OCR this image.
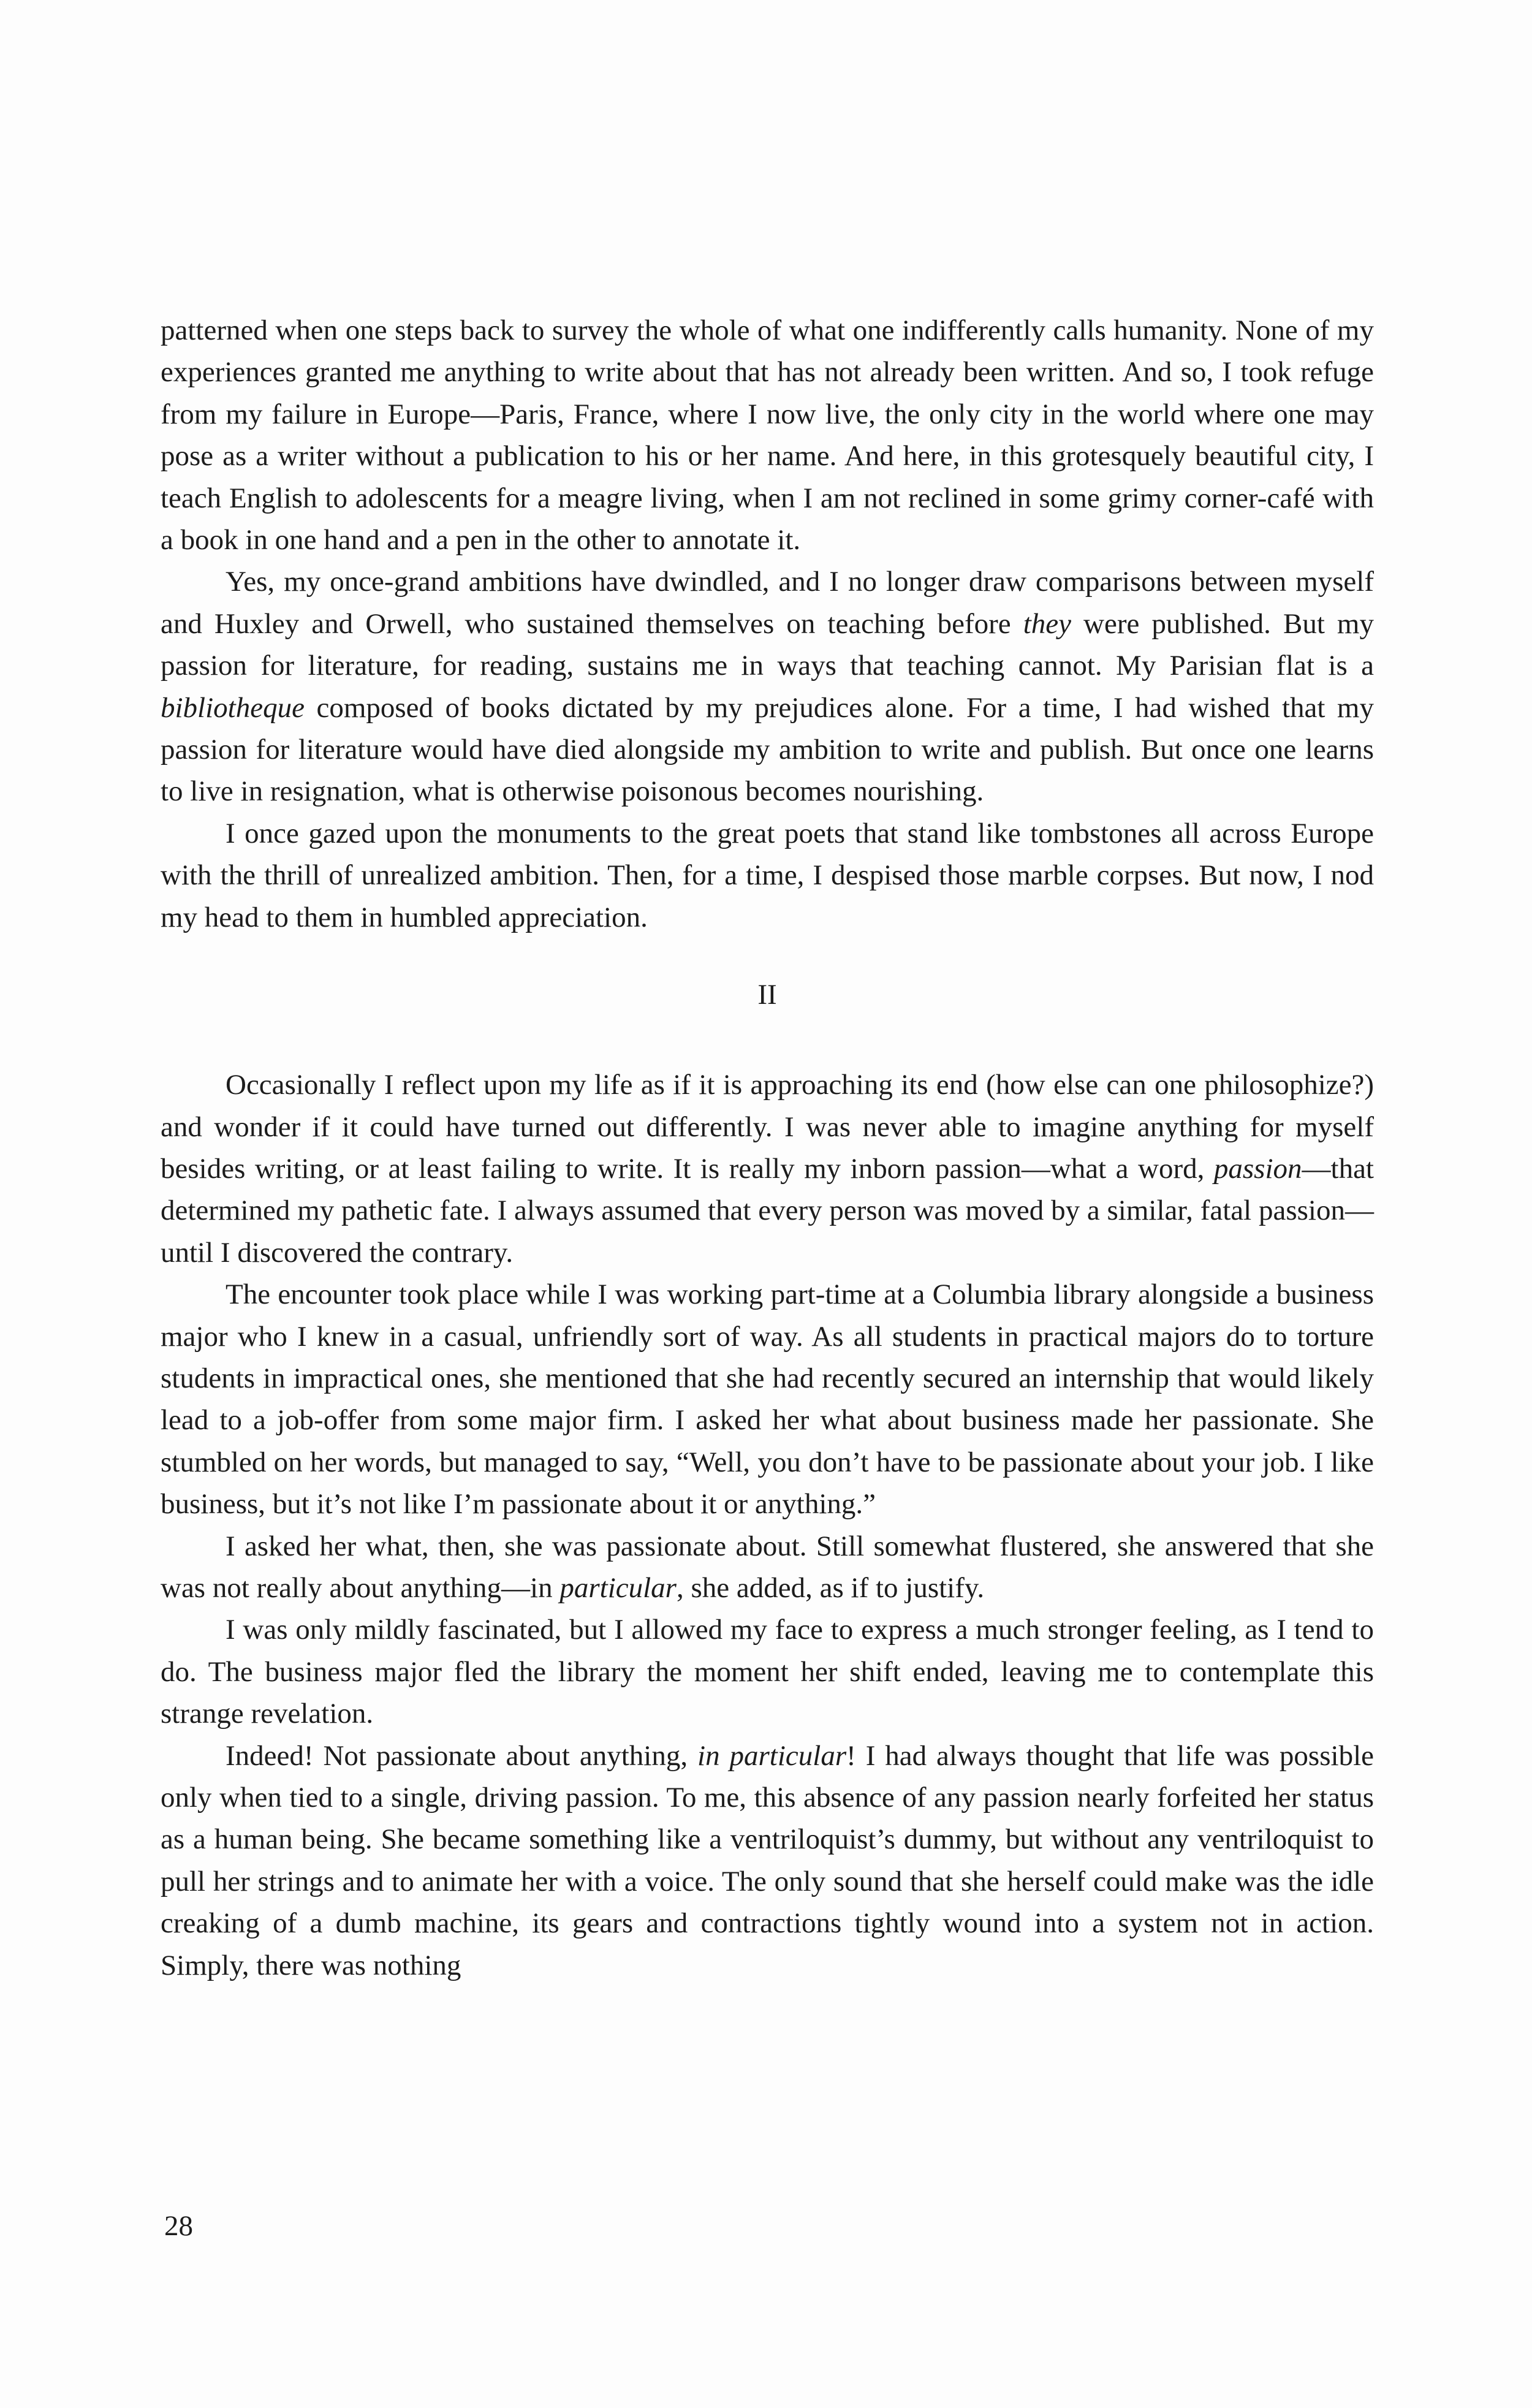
patterned when one steps back to survey the whole of what one indifferently calls humanity. None of my experiences granted me anything to write about that has not already been written. And so, I took refuge from my failure in Europe—Paris, France, where I now live, the only city in the world where one may pose as a writer without a publication to his or her name. And here, in this grotesquely beautiful city, I teach English to adolescents for a meagre living, when I am not reclined in some grimy corner-café with a book in one hand and a pen in the other to annotate it.

Yes, my once-grand ambitions have dwindled, and I no longer draw comparisons between myself and Huxley and Orwell, who sustained themselves on teaching before they were published. But my passion for literature, for reading, sustains me in ways that teaching cannot. My Parisian flat is a bibliotheque composed of books dictated by my prejudices alone. For a time, I had wished that my passion for literature would have died alongside my ambition to write and publish. But once one learns to live in resignation, what is otherwise poisonous becomes nourishing.

I once gazed upon the monuments to the great poets that stand like tombstones all across Europe with the thrill of unrealized ambition. Then, for a time, I despised those marble corpses. But now, I nod my head to them in humbled appreciation.

II

Occasionally I reflect upon my life as if it is approaching its end (how else can one philosophize?) and wonder if it could have turned out differently. I was never able to imagine anything for myself besides writing, or at least failing to write. It is really my inborn passion—what a word, passion—that determined my pathetic fate. I always assumed that every person was moved by a similar, fatal passion—until I discovered the contrary.

The encounter took place while I was working part-time at a Columbia library alongside a business major who I knew in a casual, unfriendly sort of way. As all students in practical majors do to torture students in impractical ones, she mentioned that she had recently secured an internship that would likely lead to a job-offer from some major firm. I asked her what about business made her passionate. She stumbled on her words, but managed to say, “Well, you don’t have to be passionate about your job. I like business, but it’s not like I’m passionate about it or anything.”

I asked her what, then, she was passionate about. Still somewhat flustered, she answered that she was not really about anything—in particular, she added, as if to justify.

I was only mildly fascinated, but I allowed my face to express a much stronger feeling, as I tend to do. The business major fled the library the moment her shift ended, leaving me to contemplate this strange revelation.

Indeed! Not passionate about anything, in particular! I had always thought that life was possible only when tied to a single, driving passion. To me, this absence of any passion nearly forfeited her status as a human being. She became something like a ventriloquist’s dummy, but without any ventriloquist to pull her strings and to animate her with a voice. The only sound that she herself could make was the idle creaking of a dumb machine, its gears and contractions tightly wound into a system not in action. Simply, there was nothing

28
